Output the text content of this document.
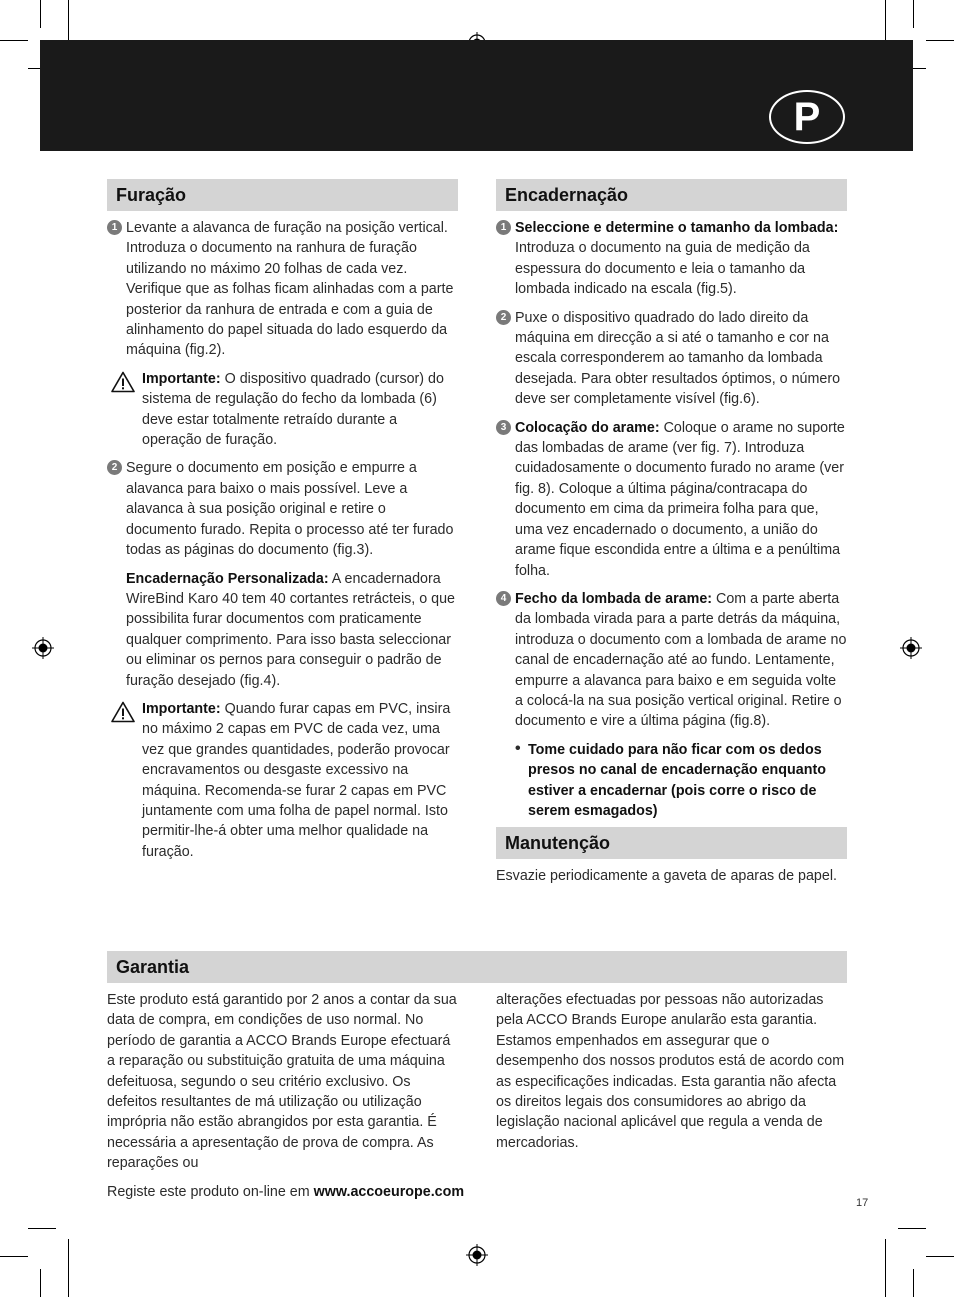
P
Furação
1 Levante a alavanca de furação na posição vertical. Introduza o documento na ranhura de furação utilizando no máximo 20 folhas de cada vez. Verifique que as folhas ficam alinhadas com a parte posterior da ranhura de entrada e com a guia de alinhamento do papel situada do lado esquerdo da máquina (fig.2).

Importante: O dispositivo quadrado (cursor) do sistema de regulação do fecho da lombada (6) deve estar totalmente retraído durante a operação de furação.

2 Segure o documento em posição e empurre a alavanca para baixo o mais possível. Leve a alavanca à sua posição original e retire o documento furado. Repita o processo até ter furado todas as páginas do documento (fig.3).

Encadernação Personalizada: A encadernadora WireBind Karo 40 tem 40 cortantes retrácteis, o que possibilita furar documentos com praticamente qualquer comprimento. Para isso basta seleccionar ou eliminar os pernos para conseguir o padrão de furação desejado (fig.4).

Importante: Quando furar capas em PVC, insira no máximo 2 capas em PVC de cada vez, uma vez que grandes quantidades, poderão provocar encravamentos ou desgaste excessivo na máquina. Recomenda-se furar 2 capas em PVC juntamente com uma folha de papel normal. Isto permitir-lhe-á obter uma melhor qualidade na furação.

Encadernação
1 Seleccione e determine o tamanho da lombada: Introduza o documento na guia de medição da espessura do documento e leia o tamanho da lombada indicado na escala (fig.5).

2 Puxe o dispositivo quadrado do lado direito da máquina em direcção a si até o tamanho e cor na escala corresponderem ao tamanho da lombada desejada. Para obter resultados óptimos, o número deve ser completamente visível (fig.6).

3 Colocação do arame: Coloque o arame no suporte das lombadas de arame (ver fig. 7). Introduza cuidadosamente o documento furado no arame (ver fig. 8). Coloque a última página/contracapa do documento em cima da primeira folha para que, uma vez encadernado o documento, a união do arame fique escondida entre a última e a penúltima folha.

4 Fecho da lombada de arame: Com a parte aberta da lombada virada para a parte detrás da máquina, introduza o documento com a lombada de arame no canal de encadernação até ao fundo. Lentamente, empurre a alavanca para baixo e em seguida volte a colocá-la na sua posição vertical original. Retire o documento e vire a última página (fig.8).

• Tome cuidado para não ficar com os dedos presos no canal de encadernação enquanto estiver a encadernar (pois corre o risco de serem esmagados)

Manutenção

Esvazie periodicamente a gaveta de aparas de papel.

Garantia

Este produto está garantido por 2 anos a contar da sua data de compra, em condições de uso normal. No período de garantia a ACCO Brands Europe efectuará a reparação ou substituição gratuita de uma máquina defeituosa, segundo o seu critério exclusivo. Os defeitos resultantes de má utilização ou utilização imprópria não estão abrangidos por esta garantia. É necessária a apresentação de prova de compra. As reparações ou

Registe este produto on-line em www.accoeurope.com

alterações efectuadas por pessoas não autorizadas pela ACCO Brands Europe anularão esta garantia. Estamos empenhados em assegurar que o desempenho dos nossos produtos está de acordo com as especificações indicadas. Esta garantia não afecta os direitos legais dos consumidores ao abrigo da legislação nacional aplicável que regula a venda de mercadorias.

17
